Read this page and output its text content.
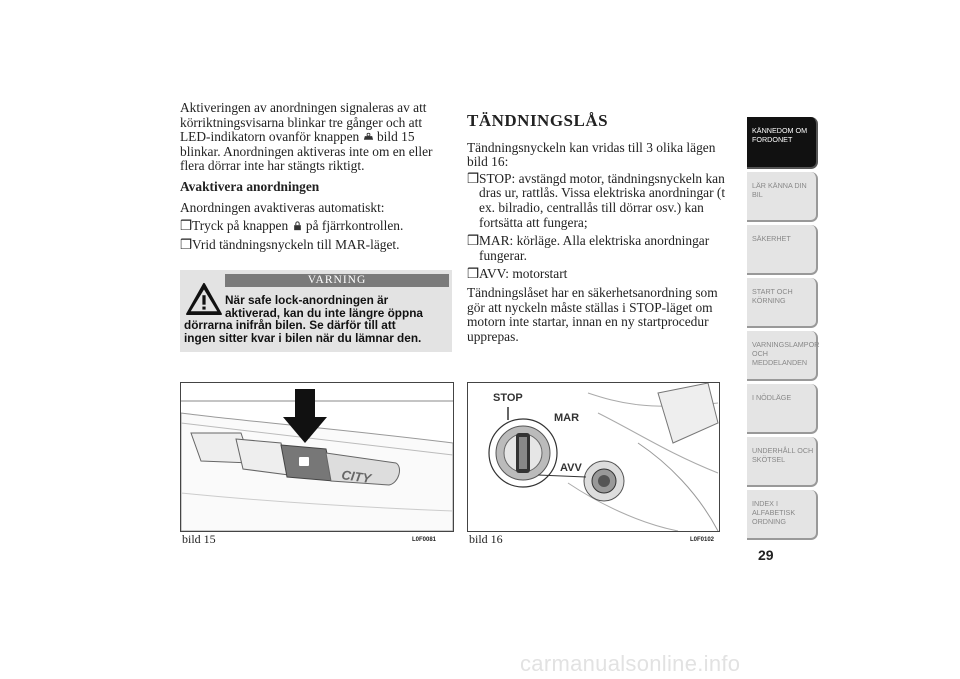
Aktiveringen av anordningen signaleras av att
körriktningsvisarna blinkar tre gånger och att
LED-indikatorn ovanför knappen bild 15
blinkar. Anordningen aktiveras inte om en eller
flera dörrar inte har stängts riktigt.

Avaktivera anordningen

Anordningen avaktiveras automatiskt:

❒ Tryck på knappen på fjärrkontrollen.
❒ Vrid tändningsnyckeln till MAR-läget.
VARNING
När safe lock-anordningen är
aktiverad, kan du inte längre öppna
dörrarna inifrån bilen. Se därför till att
ingen sitter kvar i bilen när du lämnar den.
TÄNDNINGSLÅS

Tändningsnyckeln kan vridas till 3 olika lägen bild 16:

❒ STOP: avstängd motor, tändningsnyckeln kan dras ur, rattlås. Vissa elektriska anordningar (t ex. bilradio, centrallås till dörrar osv.) kan fortsätta att fungera;
❒ MAR: körläge. Alla elektriska anordningar fungerar.
❒ AVV: motorstart

Tändningslåset har en säkerhetsanordning som gör att nyckeln måste ställas i STOP-läget om motorn inte startar, innan en ny startprocedur upprepas.

CITY
bild 15	L0F0081
STOP
MAR
AVV
bild 16	L0F0102
KÄNNEDOM OM FORDONET
LÄR KÄNNA DIN BIL
SÄKERHET
START OCH KÖRNING
VARNINGSLAMPOR OCH MEDDELANDEN
I NÖDLÄGE
UNDERHÅLL OCH SKÖTSEL
INDEX I ALFABETISK ORDNING
29
carmanualsonline.info
